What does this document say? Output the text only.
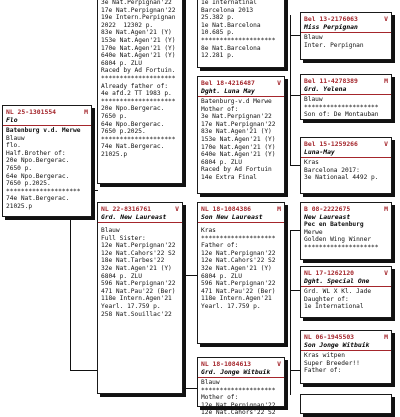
3e Nat.Perpignan'22
17e Nat.Perpignan'22
19e Intern.Perpignan
2022  12302 p.
83e Nat.Agen'21 (Y)
153e Nat.Agen'21 (Y)
170e Nat.Agen'21 (Y)
640e Nat.Agen'21 (Y)
6804 p. ZLU
Raced by Ad Fortuin.
********************
Already father of:
4e afd.2 TT 1983 p.
********************
20e Npo.Bergerac.
7650 p.
64e Npo.Bergerac.
7650 p.2025.
********************
74e Nat.Bergerac.
21025.p
1e Internatinal
Barcelona 2013
25.382 p.
1e Nat.Barcelona
10.685 p.
********************
8e Nat.Barcelona
12.281 p.
Bel 13-2176063	V
Miss Perpignan
Blauw
Inter. Perpignan
NL 25-1301554	M
Flo
Batenburg v.d. Merwe
Blauw
flo.
Half.Brother of:
20e Npo.Bergerac.
7650 p.
64e Npo.Bergerac.
7650 p.2025.
********************
74e Nat.Bergerac.
21025.p
Bel 18-4216487	V
Dght. Luna May
Batenburg-v.d Merwe
Mother of:
3e Nat.Perpignan'22
17e Nat.Perpignan'22
83e Nat.Agen'21 (Y)
153e Nat.Agen'21 (Y)
170e Nat.Agen'21 (Y)
640e Nat.Agen'21 (Y)
6804 p. ZLU
Raced by Ad Fortuin
14e Extra Final
Bel 11-4278389	M
Grd. Yelena
Blauw
********************
Son of: De Montauban
Bel 15-1259266	V
Luna-May
Kras
Barcelona 2017:
3e Nationaal 4492 p.
NL 22-8316761	V
Grd. New Laureast
Blauw
Full Sister:
12e Nat.Perpignan'22
12e Nat.Cahors'22 S2
18e Nat.Tarbes'22
32e Nat.Agen'21 (Y)
6804 p. ZLU
596 Nat.Perpignan'22
471 Nat.Pau'22 (Ber)
118e Intern.Agen'21
Yearl. 17.759 p.
258 Nat.Souillac'22
NL 18-1084386	M
Son New Laureast
Kras
********************
Father of:
12e Nat.Perpignan'22
12e Nat.Cahors'22 S2
32e Nat.Agen'21 (Y)
6804 p. ZLU
596 Nat.Perpignan'22
471 Nat.Pau'22 (Ber)
118e Intern.Agen'21
Yearl. 17.759 p.
B 08-2222675	M
New Laureast
Pec en Batenburg
Merwe
Golden Wing Winner
********************
NL 17-1262120	V
Dght. Special One
Grd. WL X Kl. Jade
Daughter of:
1e International
NL 18-1084613	V
Grd. Jonge Witbuik
Blauw
********************
Mother of:
12e Nat.Perpignan'22
12e Nat.Cahors'22 S2
NL 06-1945503	M
Son Jonge Witbuik
Kras witpen
Super Breeder!!
Father of:
